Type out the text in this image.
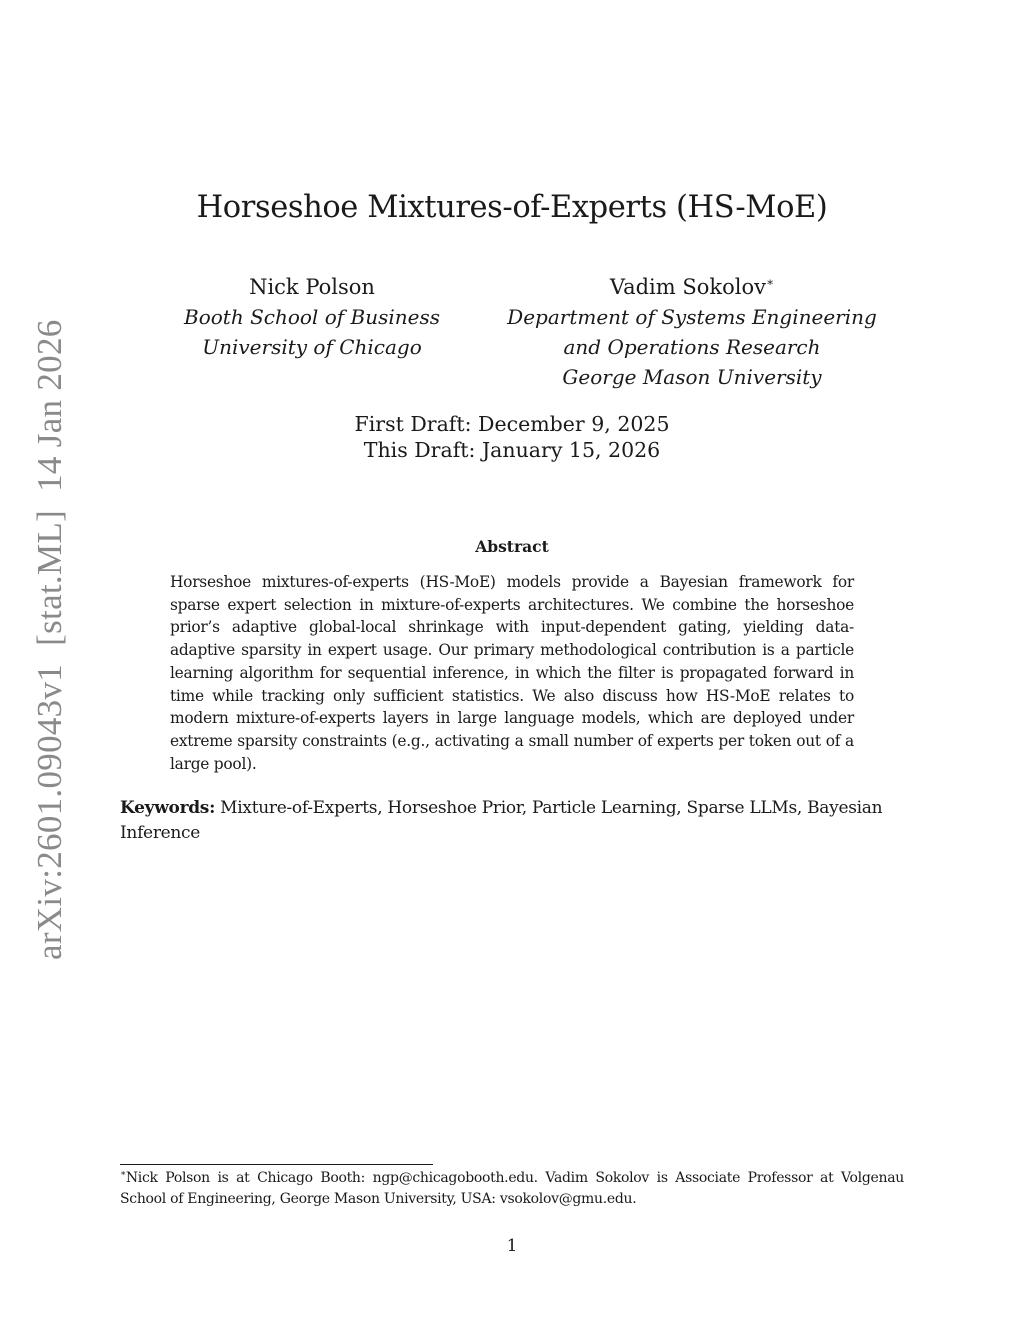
arXiv:2601.09043v1  [stat.ML]  14 Jan 2026
Horseshoe Mixtures-of-Experts (HS-MoE)
Nick Polson
Booth School of Business
University of Chicago
Vadim Sokolov∗
Department of Systems Engineering
and Operations Research
George Mason University
First Draft: December 9, 2025
This Draft: January 15, 2026
Abstract
Horseshoe mixtures-of-experts (HS-MoE) models provide a Bayesian framework for sparse expert selection in mixture-of-experts architectures. We combine the horseshoe prior’s adaptive global-local shrinkage with input-dependent gating, yielding data-adaptive sparsity in expert usage. Our primary methodological contribution is a particle learning algorithm for sequential inference, in which the filter is propagated forward in time while tracking only sufficient statistics. We also discuss how HS-MoE relates to modern mixture-of-experts layers in large language models, which are deployed under extreme sparsity constraints (e.g., activating a small number of experts per token out of a large pool).
Keywords: Mixture-of-Experts, Horseshoe Prior, Particle Learning, Sparse LLMs, Bayesian Inference
∗Nick Polson is at Chicago Booth: ngp@chicagobooth.edu. Vadim Sokolov is Associate Professor at Volgenau School of Engineering, George Mason University, USA: vsokolov@gmu.edu.
1
